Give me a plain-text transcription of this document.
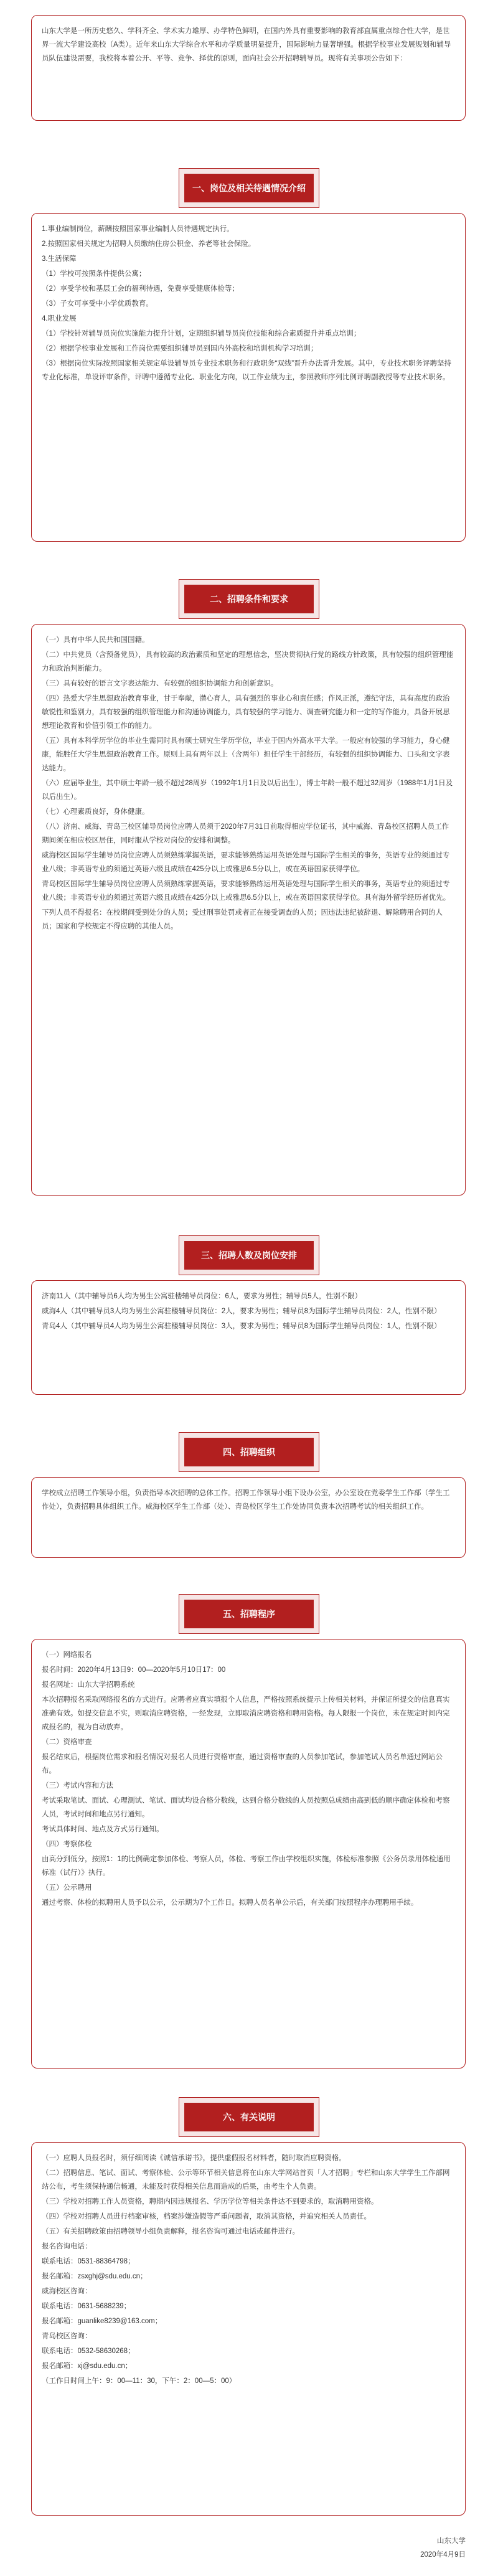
山东大学是一所历史悠久、学科齐全、学术实力雄厚、办学特色鲜明，在国内外具有重要影响的教育部直属重点综合性大学，是世界一流大学建设高校（A类）。近年来山东大学综合水平和办学质量明显提升，国际影响力显著增强。根据学校事业发展规划和辅导员队伍建设需要，我校将本着公开、平等、竞争、择优的原则，面向社会公开招聘辅导员。现将有关事项公告如下：

一、岗位及相关待遇情况介绍

1.事业编制岗位，薪酬按照国家事业编制人员待遇规定执行。

2.按照国家相关规定为招聘人员缴纳住房公积金、养老等社会保险。

3.生活保障

（1）学校可按照条件提供公寓；

（2）享受学校和基层工会的福利待遇，免费享受健康体检等；

（3）子女可享受中小学优质教育。

4.职业发展

（1）学校针对辅导员岗位实施能力提升计划，定期组织辅导员岗位技能和综合素质提升并重点培训；

（2）根据学校事业发展和工作岗位需要组织辅导员到国内外高校和培训机构学习培训；

（3）根据岗位实际按照国家相关规定单设辅导员专业技术职务和行政职务“双线”晋升办法晋升发展。其中，专业技术职务评聘坚持专业化标准，单设评审条件，评聘中遵循专业化、职业化方向，以工作业绩为主，参照教师序列比例评聘副教授等专业技术职务。

二、招聘条件和要求

（一）具有中华人民共和国国籍。

（二）中共党员（含预备党员），具有较高的政治素质和坚定的理想信念，坚决贯彻执行党的路线方针政策，具有较强的组织管理能力和政治判断能力。

（三）具有较好的语言文字表达能力、有较强的组织协调能力和创新意识。

（四）热爱大学生思想政治教育事业，甘于奉献，潜心育人，具有强烈的事业心和责任感；作风正派，遵纪守法，具有高度的政治敏锐性和鉴别力，具有较强的组织管理能力和沟通协调能力，具有较强的学习能力、调查研究能力和一定的写作能力，具备开展思想理论教育和价值引领工作的能力。

（五）具有本科学历学位的毕业生需同时具有硕士研究生学历学位，毕业于国内外高水平大学。一般应有较强的学习能力，身心健康，能胜任大学生思想政治教育工作。原则上具有两年以上（含两年）担任学生干部经历，有较强的组织协调能力、口头和文字表达能力。

（六）应届毕业生，其中硕士年龄一般不超过28周岁（1992年1月1日及以后出生），博士年龄一般不超过32周岁（1988年1月1日及以后出生）。

（七）心理素质良好，身体健康。

（八）济南、威海、青岛三校区辅导员岗位应聘人员须于2020年7月31日前取得相应学位证书，其中威海、青岛校区招聘人员工作期间须在相应校区居住，同时服从学校对岗位的安排和调整。

威海校区国际学生辅导员岗位应聘人员须熟练掌握英语，要求能够熟练运用英语处理与国际学生相关的事务，英语专业的须通过专业八级；非英语专业的须通过英语六级且成绩在425分以上或雅思6.5分以上，或在英语国家获得学位。

青岛校区国际学生辅导员岗位应聘人员须熟练掌握英语，要求能够熟练运用英语处理与国际学生相关的事务，英语专业的须通过专业八级；非英语专业的须通过英语六级且成绩在425分以上或雅思6.5分以上，或在英语国家获得学位。具有海外留学经历者优先。

下列人员不得报名：在校期间受到处分的人员；受过刑事处罚或者正在接受调查的人员；因违法违纪被辞退、解除聘用合同的人员；国家和学校规定不得应聘的其他人员。

三、招聘人数及岗位安排

济南11人（其中辅导员6人均为男生公寓驻楼辅导员岗位：6人，要求为男性；辅导员5人，性别不限）

威海4人（其中辅导员3人均为男生公寓驻楼辅导员岗位：2人，要求为男性；辅导员8为国际学生辅导员岗位：2人，性别不限）

青岛4人（其中辅导员4人均为男生公寓驻楼辅导员岗位：3人，要求为男性；辅导员8为国际学生辅导员岗位：1人，性别不限）

四、招聘组织

学校成立招聘工作领导小组，负责指导本次招聘的总体工作。招聘工作领导小组下设办公室，办公室设在党委学生工作部（学生工作处），负责招聘具体组织工作。威海校区学生工作部（处）、青岛校区学生工作处协同负责本次招聘考试的相关组织工作。

五、招聘程序

（一）网络报名

报名时间：2020年4月13日9：00—2020年5月10日17：00

报名网址：山东大学招聘系统

本次招聘报名采取网络报名的方式进行。应聘者应真实填报个人信息，严格按照系统提示上传相关材料，并保证所提交的信息真实准确有效。如提交信息不实，则取消应聘资格，一经发现，立即取消应聘资格和聘用资格。每人限报一个岗位，未在规定时间内完成报名的，视为自动放弃。

（二）资格审查

报名结束后，根据岗位需求和报名情况对报名人员进行资格审查，通过资格审查的人员参加笔试，参加笔试人员名单通过网站公布。

（三）考试内容和方法

考试采取笔试、面试、心理测试、笔试、面试均设合格分数线，达到合格分数线的人员按照总成绩由高到低的顺序确定体检和考察人员，考试时间和地点另行通知。

考试具体时间、地点及方式另行通知。

（四）考察体检

由高分到低分，按照1：1的比例确定参加体检、考察人员，体检、考察工作由学校组织实施，体检标准参照《公务员录用体检通用标准（试行）》执行。

（五）公示聘用

通过考察、体检的拟聘用人员予以公示，公示期为7个工作日。拟聘人员名单公示后，有关部门按照程序办理聘用手续。

六、有关说明

（一）应聘人员报名时，须仔细阅读《诚信承诺书》，提供虚假报名材料者，随时取消应聘资格。

（二）招聘信息、笔试、面试、考察体检、公示等环节相关信息将在山东大学网站首页「人才招聘」专栏和山东大学学生工作部网站公布，考生须保持通信畅通，未能及时获得相关信息而造成的后果，由考生个人负责。

（三）学校对招聘工作人员资格，聘期内因违规报名、学历学位等相关条件达不到要求的，取消聘用资格。

（四）学校对招聘人员进行档案审核，档案涉嫌造假等严重问题者，取消其资格，并追究相关人员责任。

（五）有关招聘政策由招聘领导小组负责解释，报名咨询可通过电话或邮件进行。

报名咨询电话：

联系电话：0531-88364798；

报名邮箱：zsxghj@sdu.edu.cn；

威海校区咨询：

联系电话：0631-5688239；

报名邮箱：guanlike8239@163.com；

青岛校区咨询：

联系电话：0532-58630268；

报名邮箱：xj@sdu.edu.cn；

（工作日时间上午：9：00—11：30，下午：2：00—5：00）

山东大学
2020年4月9日
